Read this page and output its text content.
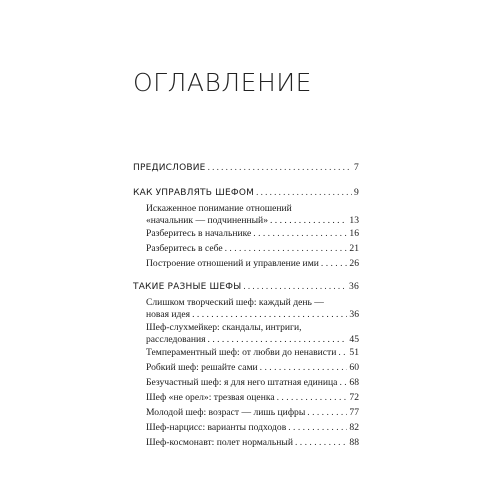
ОГЛАВЛЕНИЕ
ПРЕДИСЛОВИЕ . . .	7
КАК УПРАВЛЯТЬ ШЕФОМ . . .	9
Искаженное понимание отношений
«начальник — подчиненный» . . .	13
Разберитесь в начальнике . . .	16
Разберитесь в себе . . .	21
Построение отношений и управление ими . . .	26
ТАКИЕ РАЗНЫЕ ШЕФЫ . . .	36
Слишком творческий шеф: каждый день —
новая идея . . .	36
Шеф-слухмейкер: скандалы, интриги,
расследования . . .	45
Темпераментный шеф: от любви до ненависти . . . 51
Робкий шеф: решайте сами . . .	60
Безучастный шеф: я для него штатная единица . . . 68
Шеф «не орел»: трезвая оценка . . .	72
Молодой шеф: возраст — лишь цифры . . .	77
Шеф-нарцисс: варианты подходов . . .	82
Шеф-космонавт: полет нормальный . . .	88
